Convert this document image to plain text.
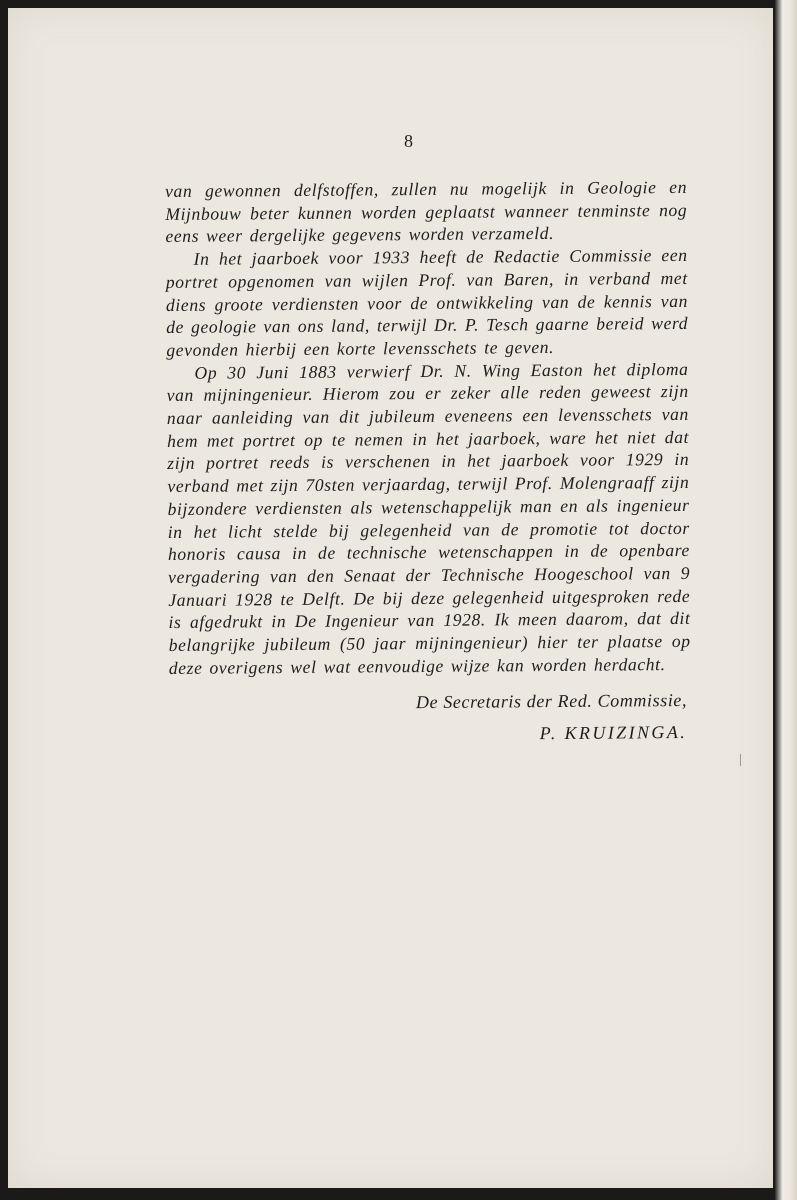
8

van gewonnen delfstoffen, zullen nu mogelijk in Geologie en Mijnbouw beter kunnen worden geplaatst wanneer tenminste nog eens weer dergelijke gegevens worden verzameld.

In het jaarboek voor 1933 heeft de Redactie Commissie een portret opgenomen van wijlen Prof. van Baren, in verband met diens groote verdiensten voor de ontwikkeling van de kennis van de geologie van ons land, terwijl Dr. P. Tesch gaarne bereid werd gevonden hierbij een korte levensschets te geven.

Op 30 Juni 1883 verwierf Dr. N. Wing Easton het diploma van mijningenieur. Hierom zou er zeker alle reden geweest zijn naar aanleiding van dit jubileum eveneens een levensschets van hem met portret op te nemen in het jaarboek, ware het niet dat zijn portret reeds is verschenen in het jaarboek voor 1929 in verband met zijn 70sten verjaardag, terwijl Prof. Molengraaff zijn bijzondere verdiensten als wetenschappelijk man en als ingenieur in het licht stelde bij gelegenheid van de promotie tot doctor honoris causa in de technische wetenschappen in de openbare vergadering van den Senaat der Technische Hoogeschool van 9 Januari 1928 te Delft. De bij deze gelegenheid uitgesproken rede is afgedrukt in De Ingenieur van 1928. Ik meen daarom, dat dit belangrijke jubileum (50 jaar mijningenieur) hier ter plaatse op deze overigens wel wat eenvoudige wijze kan worden herdacht.

De Secretaris der Red. Commissie,
P. KRUIZINGA.
